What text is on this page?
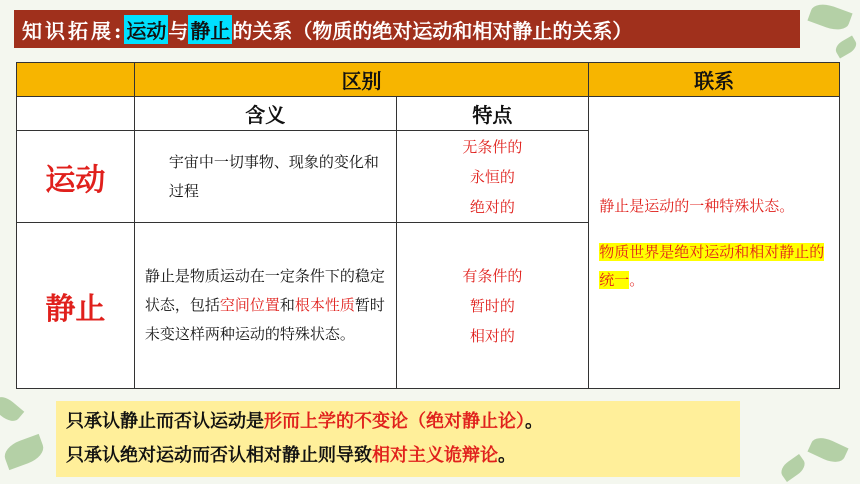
知识拓展: 运动 与 静止 的关系（物质的绝对运动和相对静止的关系）
	区别		联系
	含义	特点	静止是运动的一种特殊状态。
物质世界是绝对运动和相对静止的统一。

运动	宇宙中一切事物、现象的变化和过程	无条件的
永恒的
绝对的	

静止	静止是物质运动在一定条件下的稳定状态，包括空间位置和根本性质暂时未变这样两种运动的特殊状态。	有条件的
暂时的
相对的	
只承认静止而否认运动是形而上学的不变论（绝对静止论）。
只承认绝对运动而否认相对静止则导致相对主义诡辩论。
